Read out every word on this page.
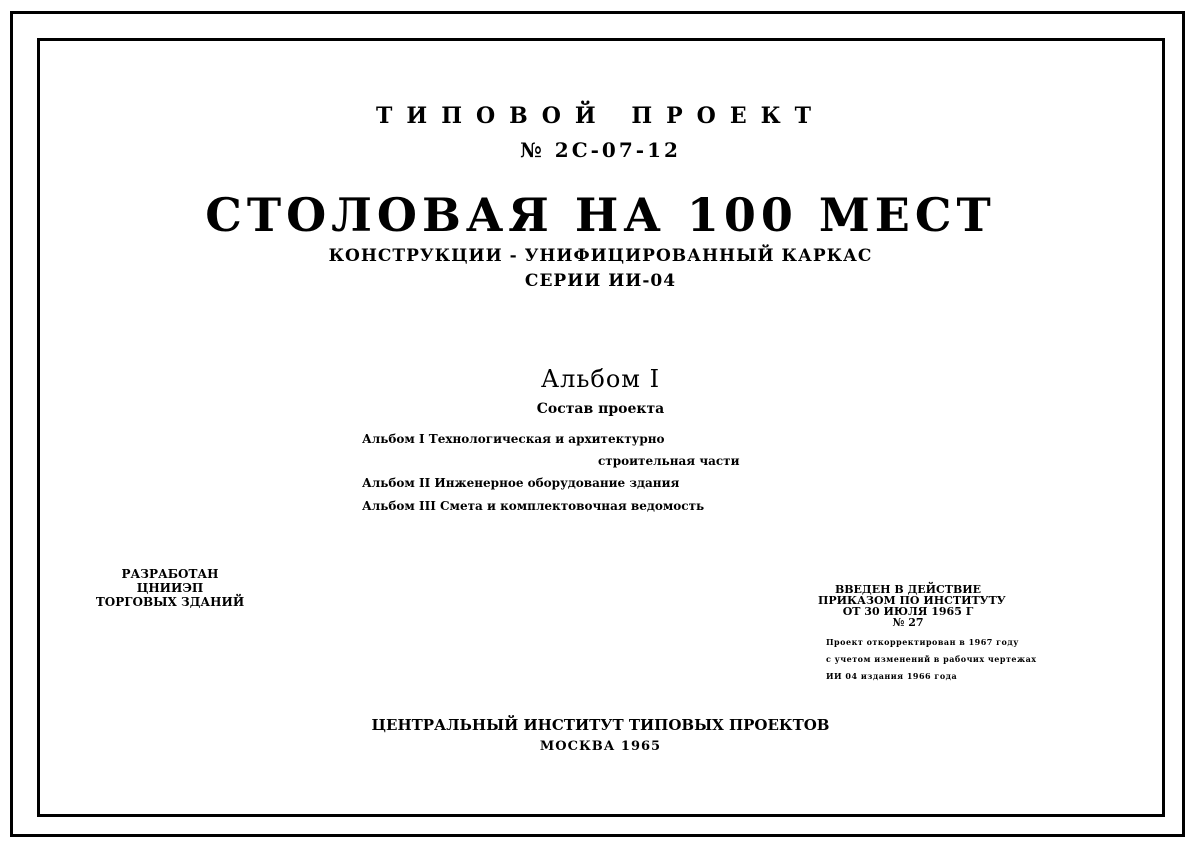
ТИПОВОЙ ПРОЕКТ
№ 2С-07-12
СТОЛОВАЯ НА 100 МЕСТ
КОНСТРУКЦИИ - УНИФИЦИРОВАННЫЙ КАРКАС
СЕРИИ ИИ-04
Альбом I
Состав проекта
Альбом I Технологическая и архитектурно
строительная части
Альбом II Инженерное оборудование здания
Альбом III Смета и комплектовочная ведомость
РАЗРАБОТАН
ЦНИИЭП
ТОРГОВЫХ ЗДАНИЙ
ВВЕДЕН В ДЕЙСТВИЕ
ПРИКАЗОМ ПО ИНСТИТУТУ
ОТ 30 ИЮЛЯ 1965 Г
№ 27
Проект откорректирован в 1967 году
с учетом изменений в рабочих чертежах
ИИ 04 издания 1966 года
ЦЕНТРАЛЬНЫЙ ИНСТИТУТ ТИПОВЫХ ПРОЕКТОВ
МОСКВА 1965
